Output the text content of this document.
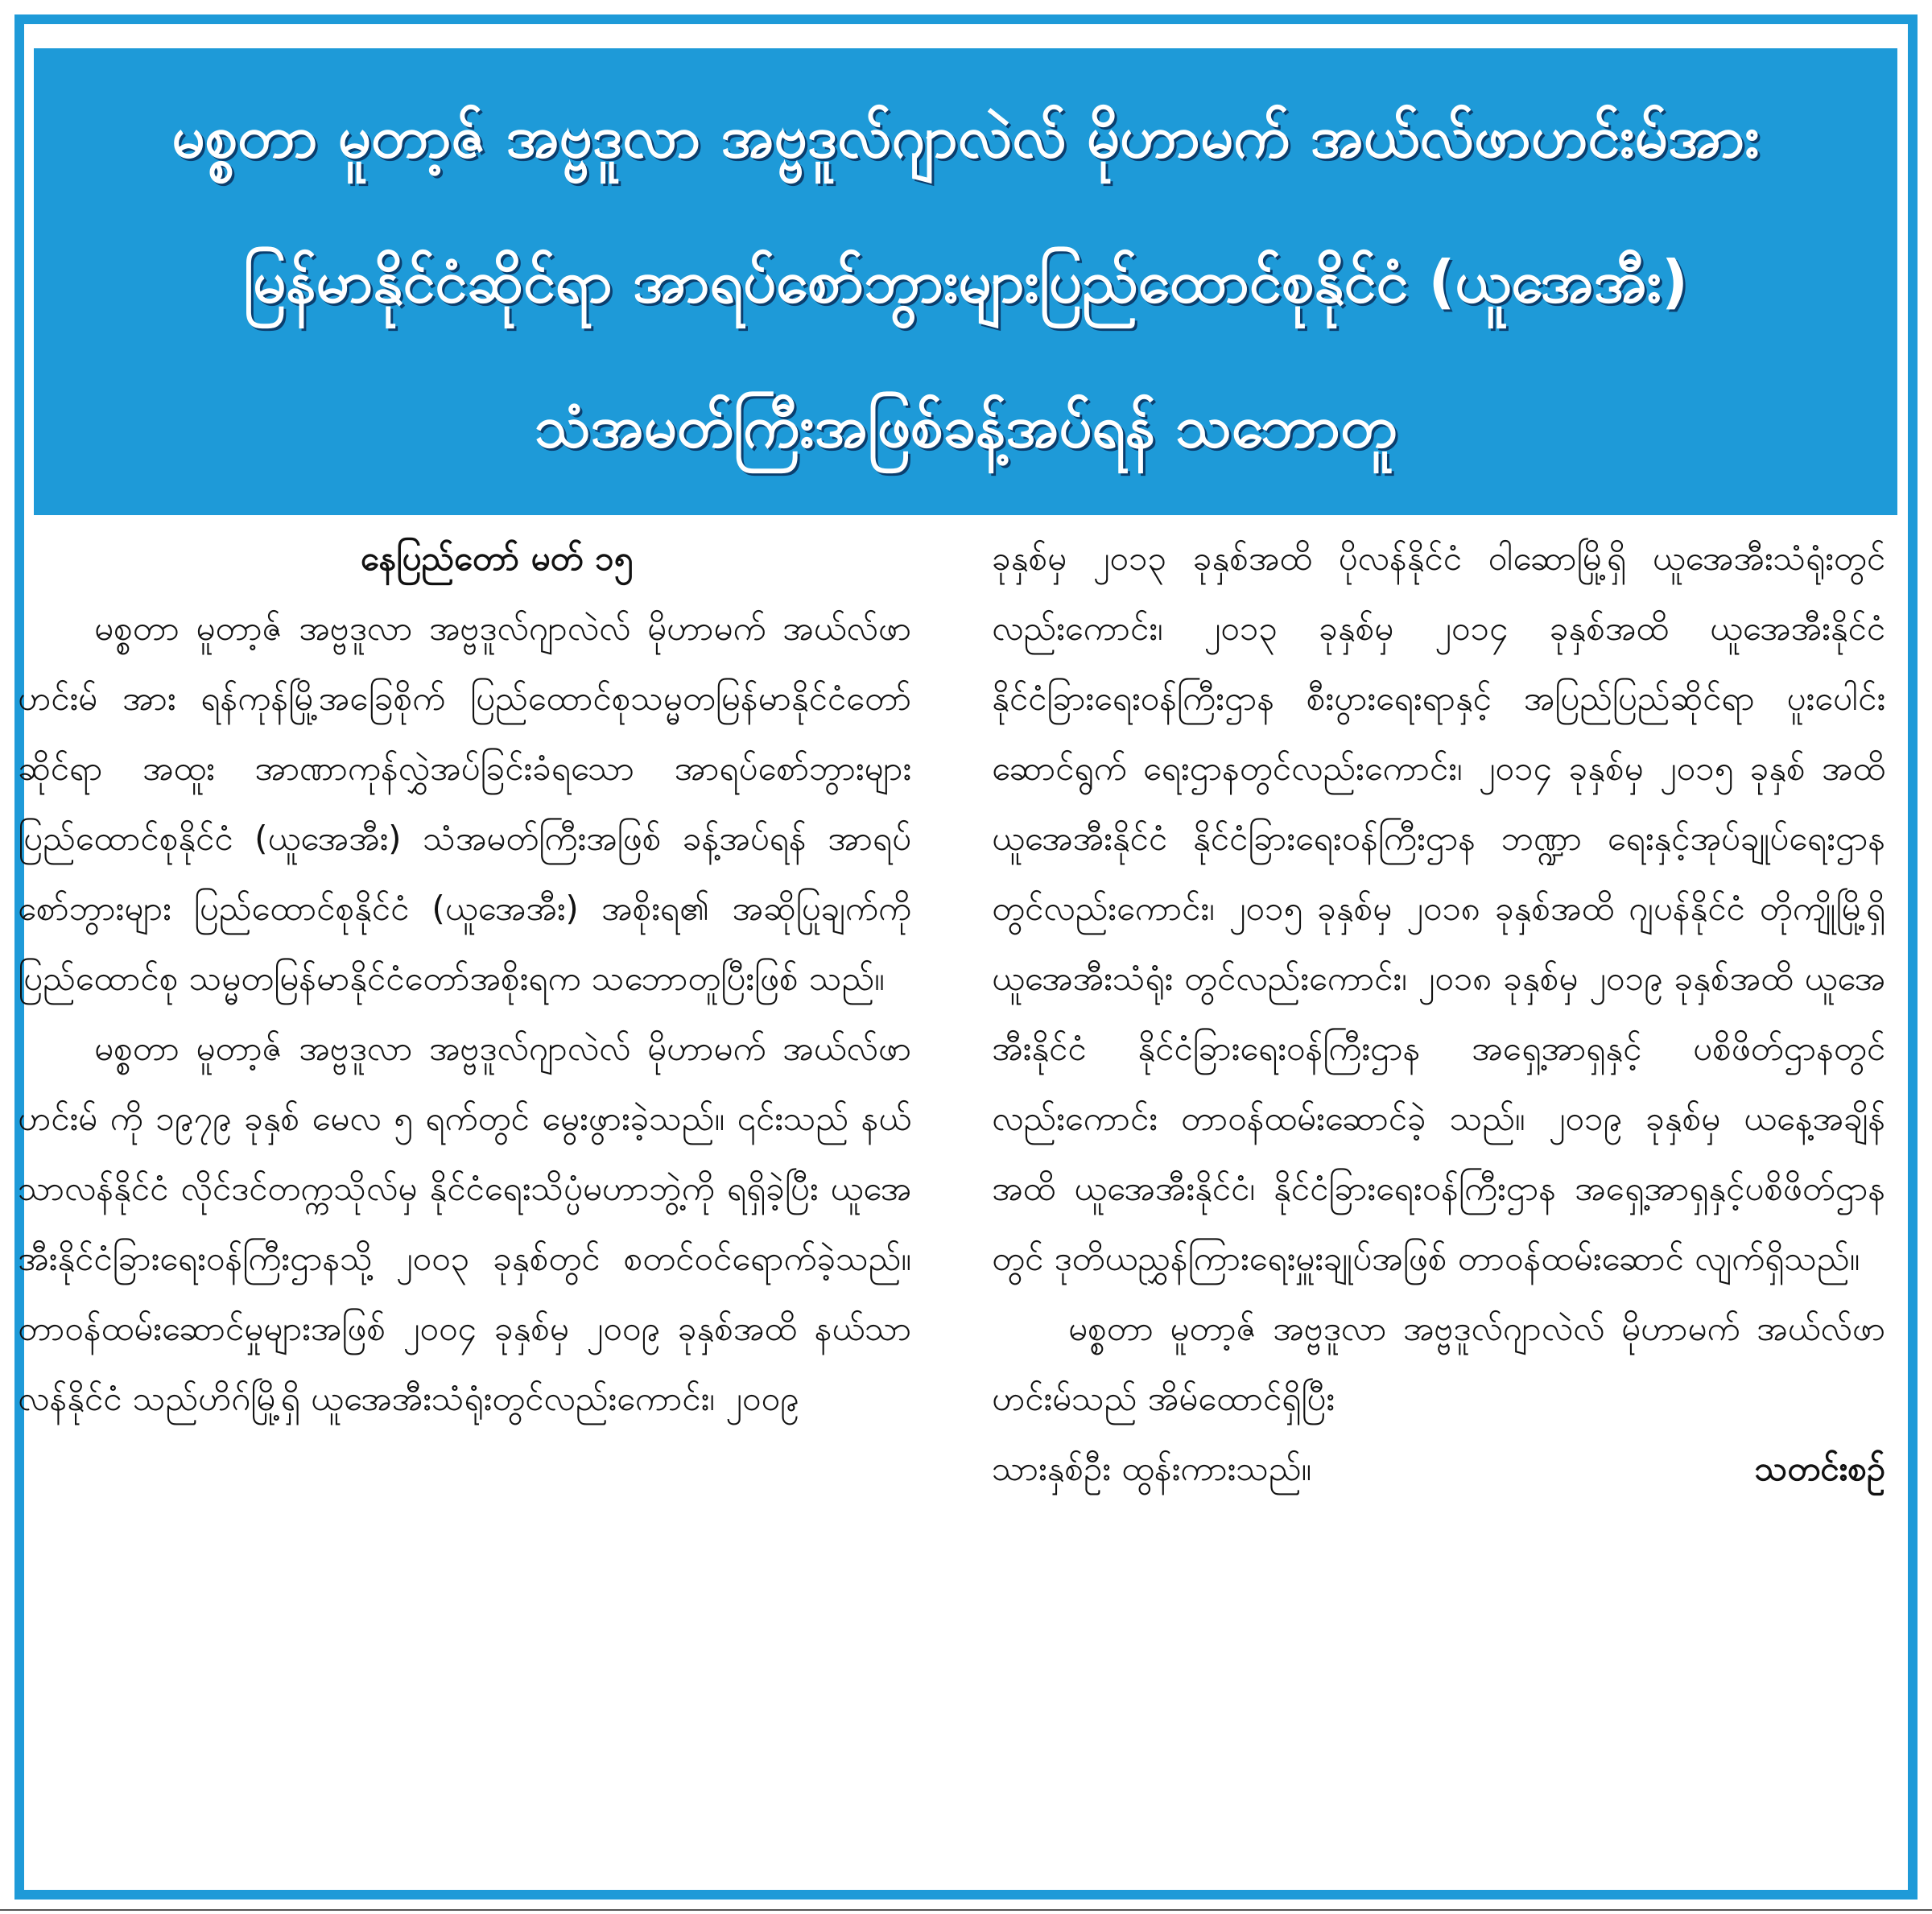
မစ္စတာ မူတာ့ဇ် အဗ္ဗဒူလာ အဗ္ဗဒူလ်ဂျာလဲလ် မိုဟာမက် အယ်လ်ဖာဟင်းမ်အား
မြန်မာနိုင်ငံဆိုင်ရာ အာရပ်စော်ဘွားများပြည်ထောင်စုနိုင်ငံ (ယူအေအီး)
သံအမတ်ကြီးအဖြစ်ခန့်အပ်ရန် သဘောတူ

နေပြည်တော် မတ် ၁၅

မစ္စတာ မူတာ့ဇ် အဗ္ဗဒူလာ အဗ္ဗဒူလ်ဂျာလဲလ် မိုဟာမက် အယ်လ်ဖာဟင်းမ် အား ရန်ကုန်မြို့အခြေစိုက် ပြည်ထောင်စုသမ္မတမြန်မာနိုင်ငံတော်ဆိုင်ရာ အထူး အာဏာကုန်လွှဲအပ်ခြင်းခံရသော အာရပ်စော်ဘွားများ ပြည်ထောင်စုနိုင်ငံ (ယူအေအီး) သံအမတ်ကြီးအဖြစ် ခန့်အပ်ရန် အာရပ်စော်ဘွားများ ပြည်ထောင်စုနိုင်ငံ (ယူအေအီး) အစိုးရ၏ အဆိုပြုချက်ကို ပြည်ထောင်စု သမ္မတမြန်မာနိုင်ငံတော်အစိုးရက သဘောတူပြီးဖြစ် သည်။

မစ္စတာ မူတာ့ဇ် အဗ္ဗဒူလာ အဗ္ဗဒူလ်ဂျာလဲလ် မိုဟာမက် အယ်လ်ဖာဟင်းမ် ကို ၁၉၇၉ ခုနှစ် မေလ ၅ ရက်တွင် မွေးဖွားခဲ့သည်။ ၎င်းသည် နယ်သာလန်နိုင်ငံ လိုင်ဒင်တက္ကသိုလ်မှ နိုင်ငံရေးသိပ္ပံမဟာဘွဲ့ကို ရရှိခဲ့ပြီး ယူအေအီးနိုင်ငံခြားရေးဝန်ကြီးဌာနသို့ ၂၀၀၃ ခုနှစ်တွင် စတင်ဝင်ရောက်ခဲ့သည်။ တာဝန်ထမ်းဆောင်မှုများအဖြစ် ၂၀၀၄ ခုနှစ်မှ ၂၀၀၉ ခုနှစ်အထိ နယ်သာလန်နိုင်ငံ သည်ဟိဂ်မြို့ရှိ ယူအေအီးသံရုံးတွင်လည်းကောင်း၊ ၂၀၀၉

ခုနှစ်မှ ၂၀၁၃ ခုနှစ်အထိ ပိုလန်နိုင်ငံ ဝါဆောမြို့ရှိ ယူအေအီးသံရုံးတွင်လည်းကောင်း၊ ၂၀၁၃ ခုနှစ်မှ ၂၀၁၄ ခုနှစ်အထိ ယူအေအီးနိုင်ငံ နိုင်ငံခြားရေးဝန်ကြီးဌာန စီးပွားရေးရာနှင့် အပြည်ပြည်ဆိုင်ရာ ပူးပေါင်းဆောင်ရွက် ရေးဌာနတွင်လည်းကောင်း၊ ၂၀၁၄ ခုနှစ်မှ ၂၀၁၅ ခုနှစ် အထိ ယူအေအီးနိုင်ငံ နိုင်ငံခြားရေးဝန်ကြီးဌာန ဘဏ္ဍာ ရေးနှင့်အုပ်ချုပ်ရေးဌာနတွင်လည်းကောင်း၊ ၂၀၁၅ ခုနှစ်မှ ၂၀၁၈ ခုနှစ်အထိ ဂျပန်နိုင်ငံ တိုကျိုမြို့ရှိ ယူအေအီးသံရုံး တွင်လည်းကောင်း၊ ၂၀၁၈ ခုနှစ်မှ ၂၀၁၉ ခုနှစ်အထိ ယူအေအီးနိုင်ငံ နိုင်ငံခြားရေးဝန်ကြီးဌာန အရှေ့အာရှနှင့် ပစိဖိတ်ဌာနတွင်လည်းကောင်း တာဝန်ထမ်းဆောင်ခဲ့ သည်။ ၂၀၁၉ ခုနှစ်မှ ယနေ့အချိန်အထိ ယူအေအီးနိုင်ငံ၊ နိုင်ငံခြားရေးဝန်ကြီးဌာန အရှေ့အာရှနှင့်ပစိဖိတ်ဌာနတွင် ဒုတိယညွှန်ကြားရေးမှူးချုပ်အဖြစ် တာဝန်ထမ်းဆောင် လျက်ရှိသည်။

မစ္စတာ မူတာ့ဇ် အဗ္ဗဒူလာ အဗ္ဗဒူလ်ဂျာလဲလ် မိုဟာမက် အယ်လ်ဖာဟင်းမ်သည် အိမ်ထောင်ရှိပြီး

သားနှစ်ဦး ထွန်းကားသည်။	သတင်းစဉ်
